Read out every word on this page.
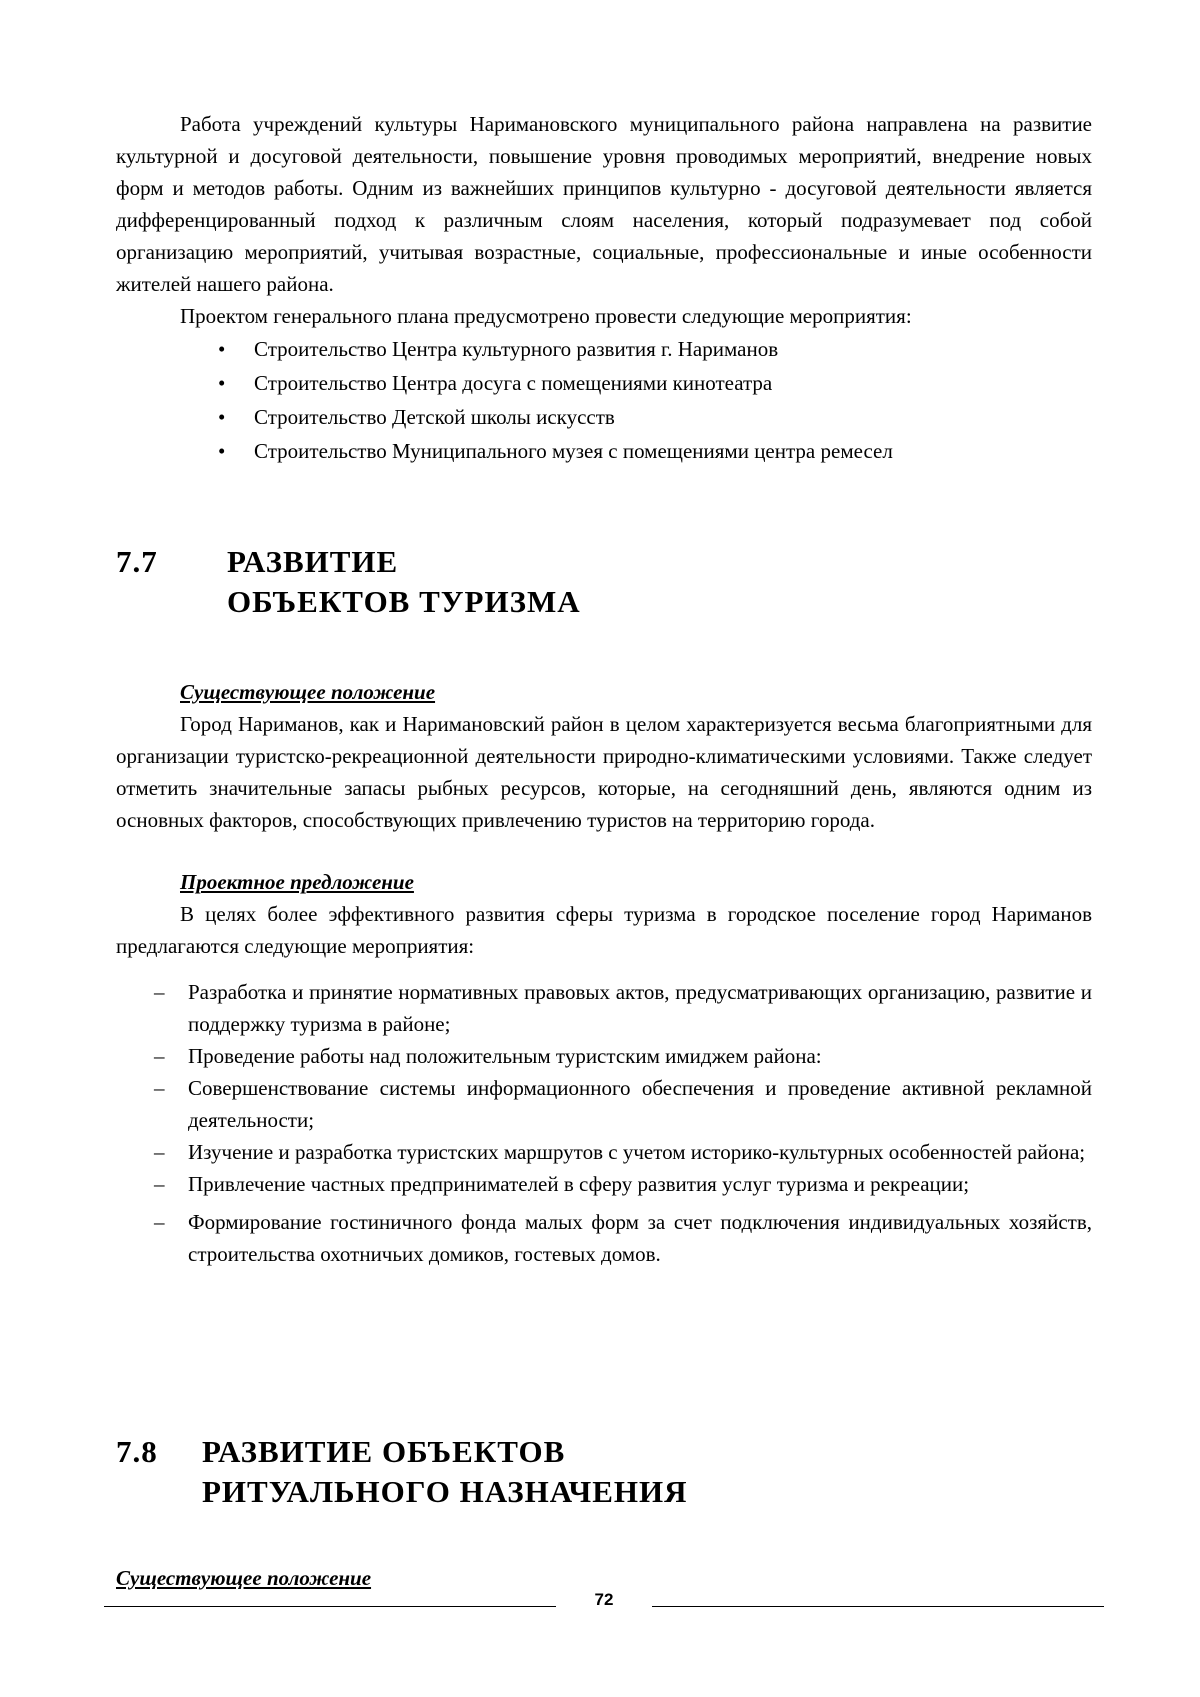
Работа учреждений культуры Наримановского муниципального района направлена на развитие культурной и досуговой деятельности, повышение уровня проводимых мероприятий, внедрение новых форм и методов работы. Одним из важнейших принципов культурно - досуговой деятельности является дифференцированный подход к различным слоям населения, который подразумевает под собой организацию мероприятий, учитывая возрастные, социальные, профессиональные и иные особенности жителей нашего района.

Проектом генерального плана предусмотрено провести следующие мероприятия:

• Строительство Центра культурного развития г. Нариманов
• Строительство Центра досуга с помещениями кинотеатра
• Строительство Детской школы искусств
• Строительство Муниципального музея с помещениями центра ремесел
7.7 РАЗВИТИЕ
ОБЪЕКТОВ ТУРИЗМА

Существующее положение

Город Нариманов, как и Наримановский район в целом характеризуется весьма благоприятными для организации туристско-рекреационной деятельности природно-климатическими условиями. Также следует отметить значительные запасы рыбных ресурсов, которые, на сегодняшний день, являются одним из основных факторов, способствующих привлечению туристов на территорию города.

Проектное предложение

В целях более эффективного развития сферы туризма в городское поселение город Нариманов предлагаются следующие мероприятия:

– Разработка и принятие нормативных правовых актов, предусматривающих организацию, развитие и поддержку туризма в районе;
– Проведение работы над положительным туристским имиджем района:
– Совершенствование системы информационного обеспечения и проведение активной рекламной деятельности;
– Изучение и разработка туристских маршрутов с учетом историко-культурных особенностей района;
– Привлечение частных предпринимателей в сферу развития услуг туризма и рекреации;
– Формирование гостиничного фонда малых форм за счет подключения индивидуальных хозяйств, строительства охотничьих домиков, гостевых домов.
7.8 РАЗВИТИЕ ОБЪЕКТОВ
РИТУАЛЬНОГО НАЗНАЧЕНИЯ
Существующее положение
72
